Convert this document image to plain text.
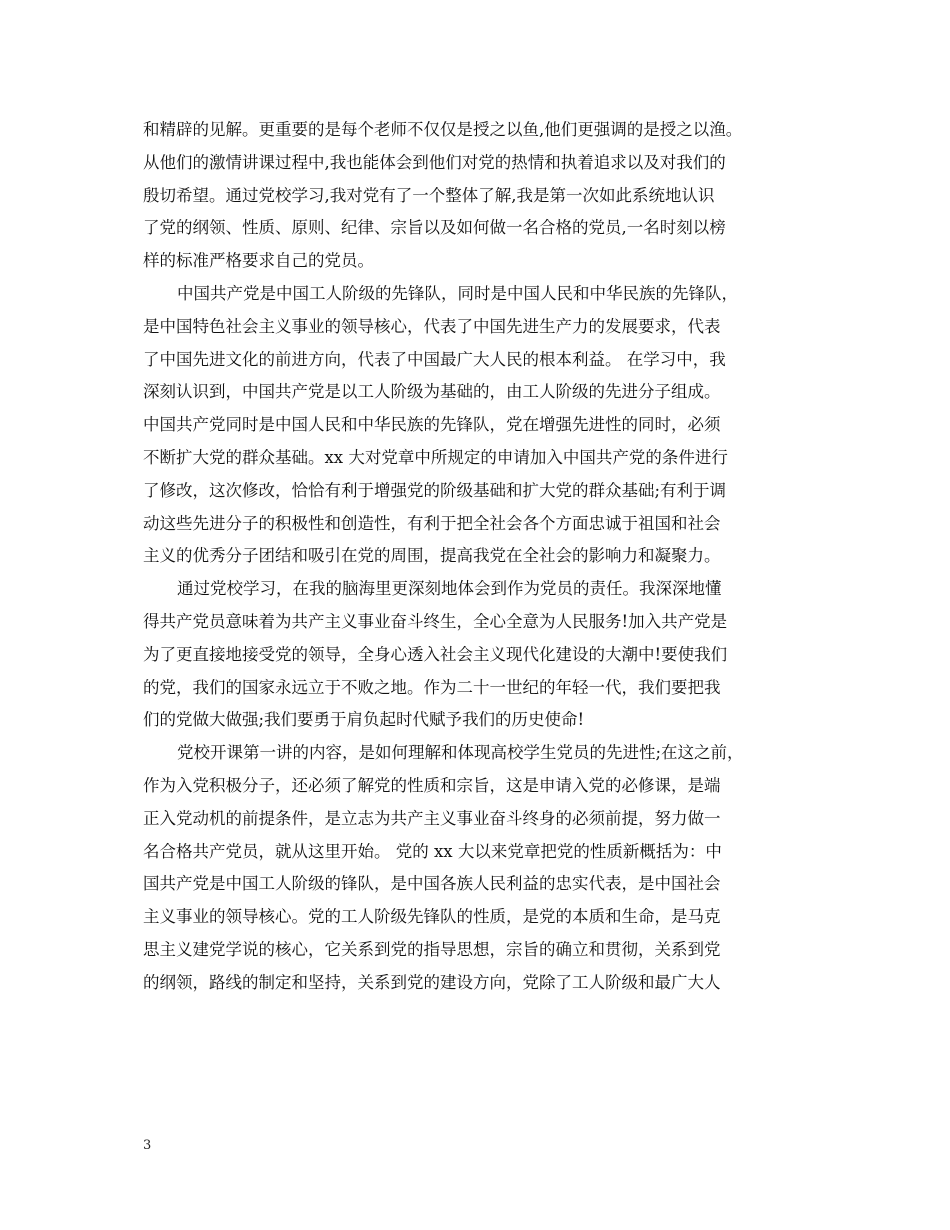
和精辟的见解。更重要的是每个老师不仅仅是授之以鱼,他们更强调的是授之以渔。
从他们的激情讲课过程中,我也能体会到他们对党的热情和执着追求以及对我们的
殷切希望。通过党校学习,我对党有了一个整体了解,我是第一次如此系统地认识
了党的纲领、性质、原则、纪律、宗旨以及如何做一名合格的党员,一名时刻以榜
样的标准严格要求自己的党员。
中国共产党是中国工人阶级的先锋队，同时是中国人民和中华民族的先锋队，
是中国特色社会主义事业的领导核心，代表了中国先进生产力的发展要求，代表
了中国先进文化的前进方向，代表了中国最广大人民的根本利益。 在学习中，我
深刻认识到，中国共产党是以工人阶级为基础的，由工人阶级的先进分子组成。
中国共产党同时是中国人民和中华民族的先锋队，党在增强先进性的同时，必须
不断扩大党的群众基础。xx 大对党章中所规定的申请加入中国共产党的条件进行
了修改，这次修改，恰恰有利于增强党的阶级基础和扩大党的群众基础;有利于调
动这些先进分子的积极性和创造性，有利于把全社会各个方面忠诚于祖国和社会
主义的优秀分子团结和吸引在党的周围，提高我党在全社会的影响力和凝聚力。
通过党校学习，在我的脑海里更深刻地体会到作为党员的责任。我深深地懂
得共产党员意味着为共产主义事业奋斗终生，全心全意为人民服务!加入共产党是
为了更直接地接受党的领导，全身心透入社会主义现代化建设的大潮中!要使我们
的党，我们的国家永远立于不败之地。作为二十一世纪的年轻一代，我们要把我
们的党做大做强;我们要勇于肩负起时代赋予我们的历史使命!
党校开课第一讲的内容，是如何理解和体现高校学生党员的先进性;在这之前，
作为入党积极分子，还必须了解党的性质和宗旨，这是申请入党的必修课，是端
正入党动机的前提条件，是立志为共产主义事业奋斗终身的必须前提，努力做一
名合格共产党员，就从这里开始。 党的 xx 大以来党章把党的性质新概括为：中
国共产党是中国工人阶级的锋队，是中国各族人民利益的忠实代表，是中国社会
主义事业的领导核心。党的工人阶级先锋队的性质，是党的本质和生命，是马克
思主义建党学说的核心，它关系到党的指导思想，宗旨的确立和贯彻，关系到党
的纲领，路线的制定和坚持，关系到党的建设方向，党除了工人阶级和最广大人
3
